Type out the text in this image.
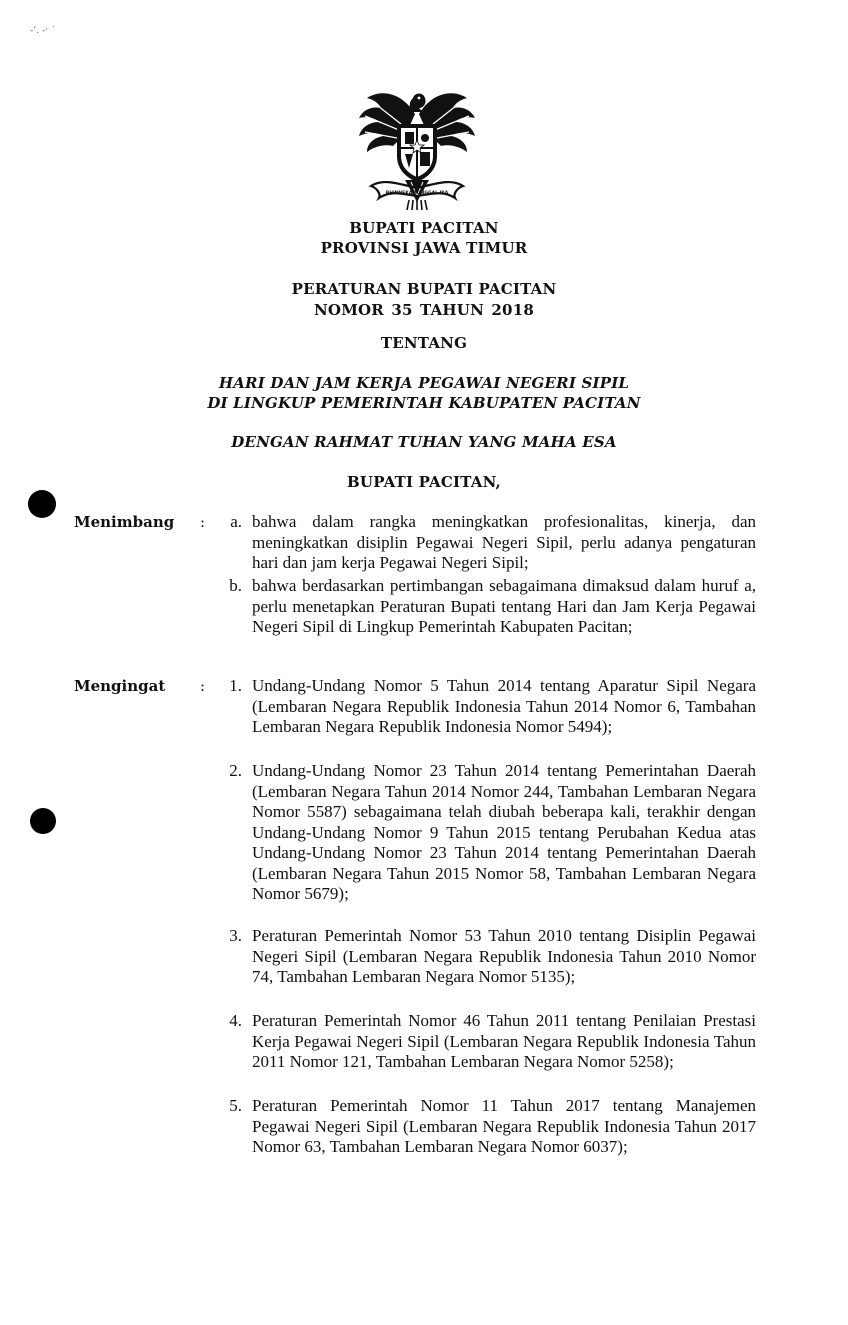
-’․ -ˑ ˙
BHINNEKA TUNGGAL IKA
BUPATI PACITAN
PROVINSI JAWA TIMUR
PERATURAN BUPATI PACITAN
NOMOR 35 TAHUN 2018
TENTANG
HARI DAN JAM KERJA PEGAWAI NEGERI SIPIL
DI LINGKUP PEMERINTAH KABUPATEN PACITAN
DENGAN RAHMAT TUHAN YANG MAHA ESA
BUPATI PACITAN,
Menimbang :	a. bahwa dalam rangka meningkatkan profesionalitas, kinerja, dan meningkatkan disiplin Pegawai Negeri Sipil, perlu adanya pengaturan hari dan jam kerja Pegawai Negeri Sipil;
b. bahwa berdasarkan pertimbangan sebagaimana dimaksud dalam huruf a, perlu menetapkan Peraturan Bupati tentang Hari dan Jam Kerja Pegawai Negeri Sipil di Lingkup Pemerintah Kabupaten Pacitan;
Mengingat :	1. Undang-Undang Nomor 5 Tahun 2014 tentang Aparatur Sipil Negara (Lembaran Negara Republik Indonesia Tahun 2014 Nomor 6, Tambahan Lembaran Negara Republik Indonesia Nomor 5494);
2. Undang-Undang Nomor 23 Tahun 2014 tentang Pemerintahan Daerah (Lembaran Negara Tahun 2014 Nomor 244, Tambahan Lembaran Negara Nomor 5587) sebagaimana telah diubah beberapa kali, terakhir dengan Undang-Undang Nomor 9 Tahun 2015 tentang Perubahan Kedua atas Undang-Undang Nomor 23 Tahun 2014 tentang Pemerintahan Daerah (Lembaran Negara Tahun 2015 Nomor 58, Tambahan Lembaran Negara Nomor 5679);
3. Peraturan Pemerintah Nomor 53 Tahun 2010 tentang Disiplin Pegawai Negeri Sipil (Lembaran Negara Republik Indonesia Tahun 2010 Nomor 74, Tambahan Lembaran Negara Nomor 5135);
4. Peraturan Pemerintah Nomor 46 Tahun 2011 tentang Penilaian Prestasi Kerja Pegawai Negeri Sipil (Lembaran Negara Republik Indonesia Tahun 2011 Nomor 121, Tambahan Lembaran Negara Nomor 5258);
5. Peraturan Pemerintah Nomor 11 Tahun 2017 tentang Manajemen Pegawai Negeri Sipil (Lembaran Negara Republik Indonesia Tahun 2017 Nomor 63, Tambahan Lembaran Negara Nomor 6037);
